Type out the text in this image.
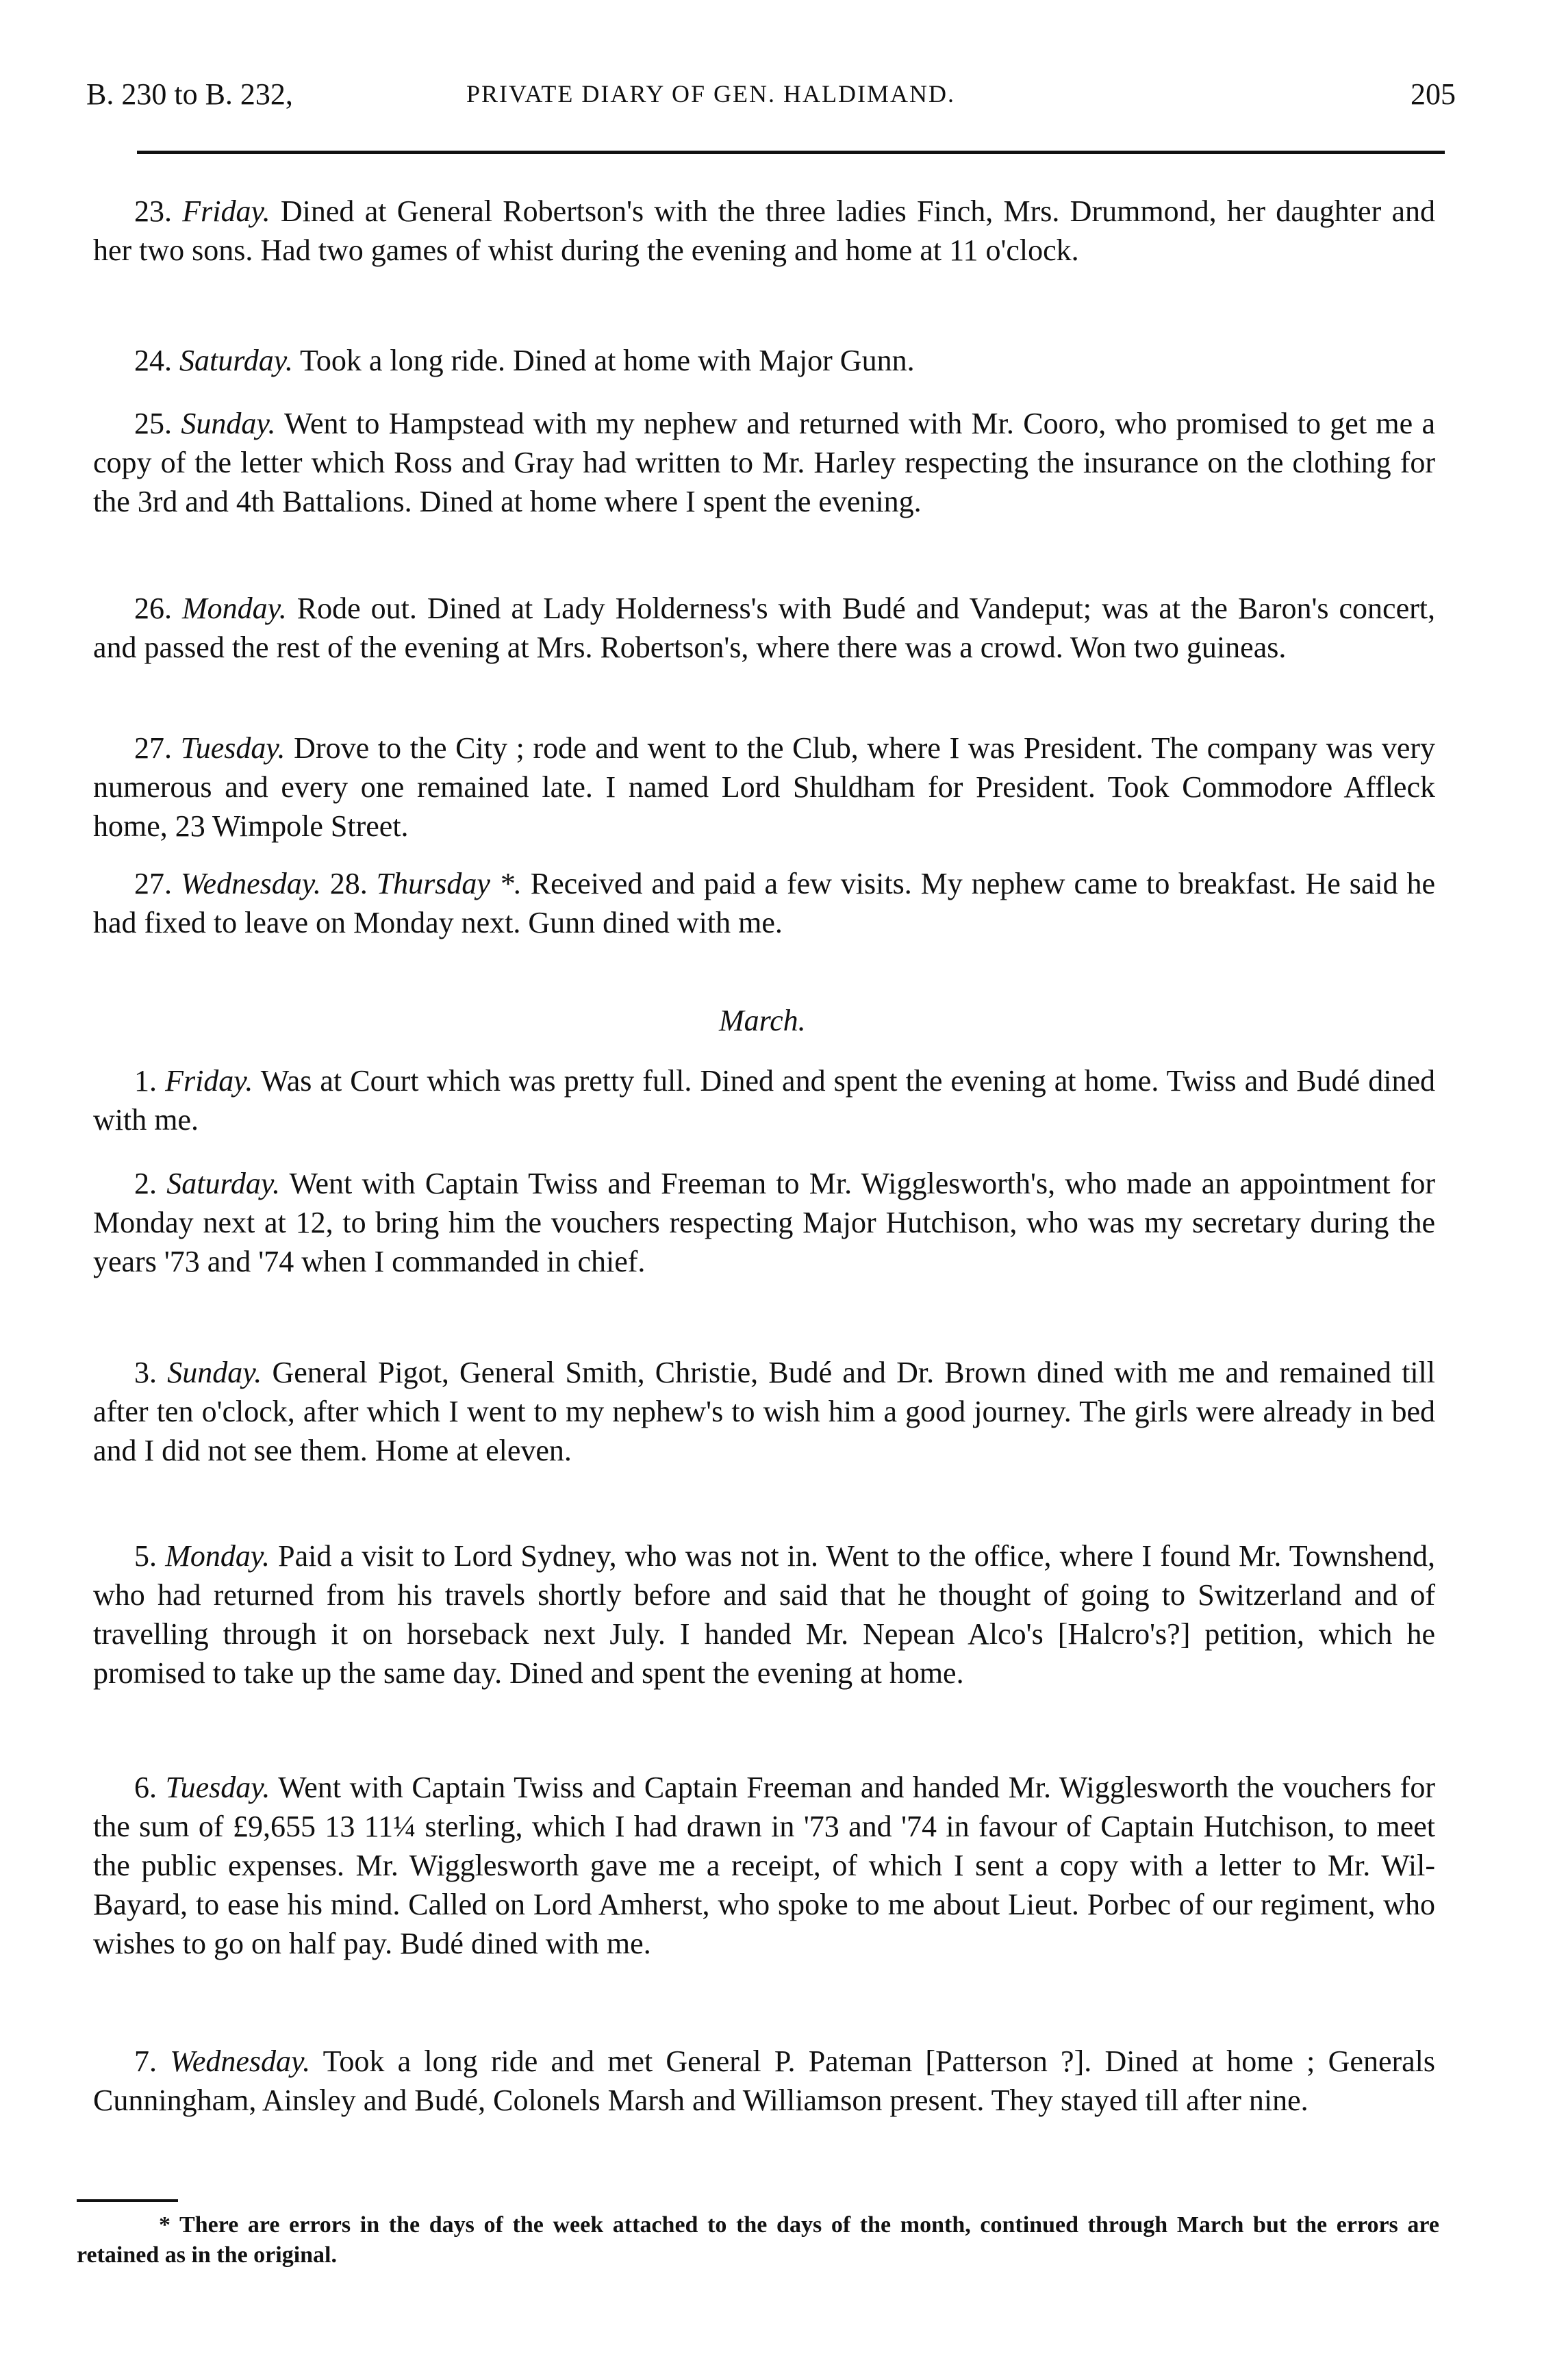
B. 230 to B. 232,	PRIVATE DIARY OF GEN. HALDIMAND.	205

23. Friday. Dined at General Robertson's with the three ladies Finch, Mrs. Drummond, her daughter and her two sons. Had two games of whist during the evening and home at 11 o'clock.

24. Saturday. Took a long ride. Dined at home with Major Gunn.

25. Sunday. Went to Hampstead with my nephew and returned with Mr. Cooro, who promised to get me a copy of the letter which Ross and Gray had written to Mr. Harley respecting the insurance on the clothing for the 3rd and 4th Battalions. Dined at home where I spent the evening.

26. Monday. Rode out. Dined at Lady Holderness's with Budé and Vandeput; was at the Baron's concert, and passed the rest of the evening at Mrs. Robertson's, where there was a crowd. Won two guineas.

27. Tuesday. Drove to the City ; rode and went to the Club, where I was President. The company was very numerous and every one remained late. I named Lord Shuldham for President. Took Commodore Affleck home, 23 Wimpole Street.

27. Wednesday. 28. Thursday *. Received and paid a few visits. My nephew came to breakfast. He said he had fixed to leave on Monday next. Gunn dined with me.

March.

1. Friday. Was at Court which was pretty full. Dined and spent the evening at home. Twiss and Budé dined with me.

2. Saturday. Went with Captain Twiss and Freeman to Mr. Wigglesworth's, who made an appointment for Monday next at 12, to bring him the vouchers respecting Major Hutchison, who was my secretary during the years '73 and '74 when I commanded in chief.

3. Sunday. General Pigot, General Smith, Christie, Budé and Dr. Brown dined with me and remained till after ten o'clock, after which I went to my nephew's to wish him a good journey. The girls were already in bed and I did not see them. Home at eleven.

5. Monday. Paid a visit to Lord Sydney, who was not in. Went to the office, where I found Mr. Townshend, who had returned from his travels shortly before and said that he thought of going to Switzerland and of travelling through it on horseback next July. I handed Mr. Nepean Alco's [Halcro's?] petition, which he promised to take up the same day. Dined and spent the evening at home.

6. Tuesday. Went with Captain Twiss and Captain Freeman and handed Mr. Wigglesworth the vouchers for the sum of £9,655 13 11¼ sterling, which I had drawn in '73 and '74 in favour of Captain Hutchison, to meet the public expenses. Mr. Wigglesworth gave me a receipt, of which I sent a copy with a letter to Mr. Wil-Bayard, to ease his mind. Called on Lord Amherst, who spoke to me about Lieut. Porbec of our regiment, who wishes to go on half pay. Budé dined with me.

7. Wednesday. Took a long ride and met General P. Pateman [Patterson ?]. Dined at home ; Generals Cunningham, Ainsley and Budé, Colonels Marsh and Williamson present. They stayed till after nine.

* There are errors in the days of the week attached to the days of the month, continued through March but the errors are retained as in the original.
